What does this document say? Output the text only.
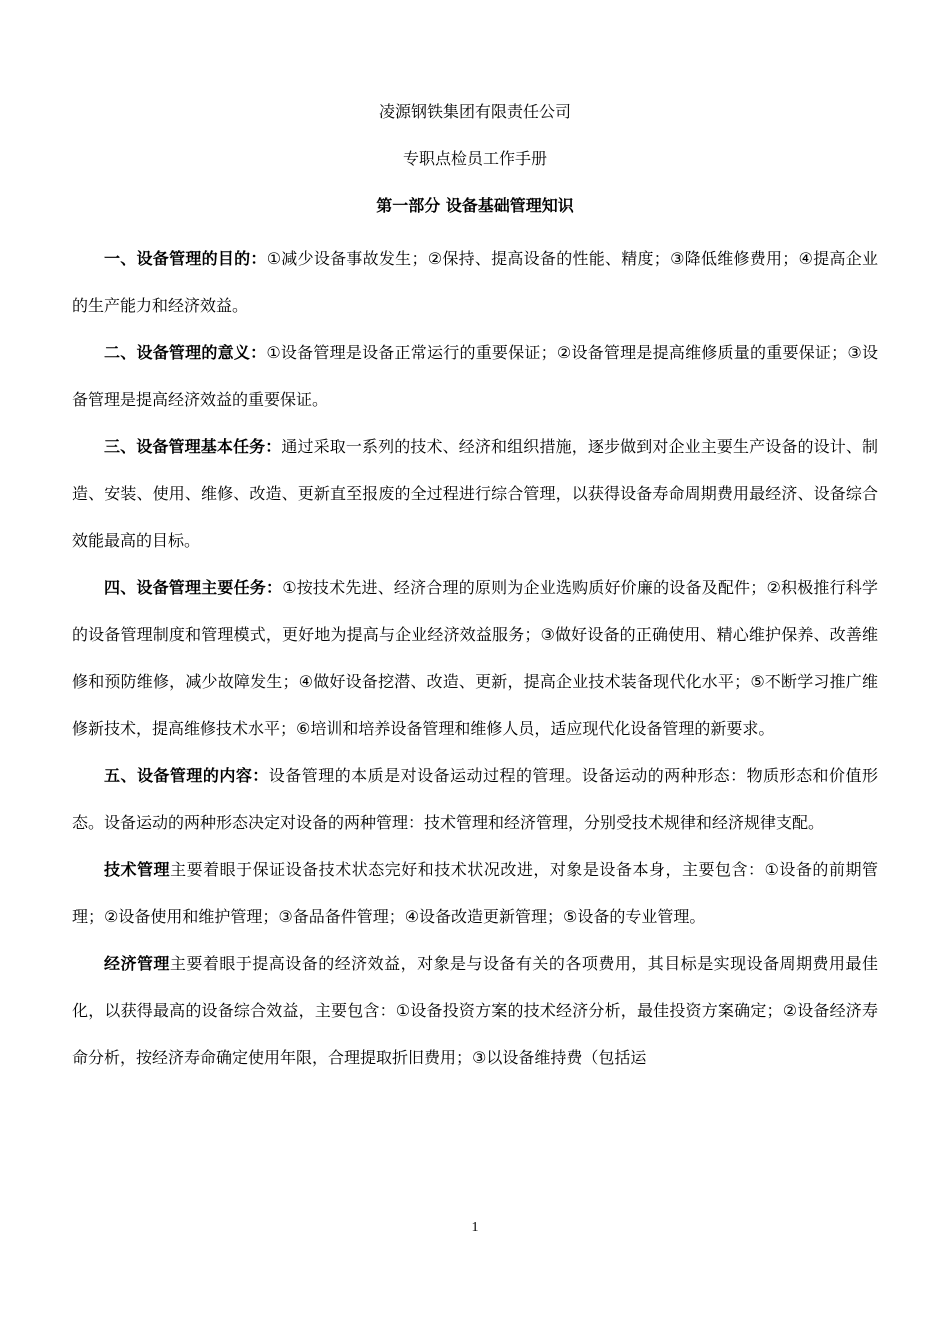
凌源钢铁集团有限责任公司
专职点检员工作手册
第一部分 设备基础管理知识

一、设备管理的目的：①减少设备事故发生；②保持、提高设备的性能、精度；③降低维修费用；④提高企业的生产能力和经济效益。

二、设备管理的意义：①设备管理是设备正常运行的重要保证；②设备管理是提高维修质量的重要保证；③设备管理是提高经济效益的重要保证。

三、设备管理基本任务：通过采取一系列的技术、经济和组织措施，逐步做到对企业主要生产设备的设计、制造、安装、使用、维修、改造、更新直至报废的全过程进行综合管理，以获得设备寿命周期费用最经济、设备综合效能最高的目标。

四、设备管理主要任务：①按技术先进、经济合理的原则为企业选购质好价廉的设备及配件；②积极推行科学的设备管理制度和管理模式，更好地为提高与企业经济效益服务；③做好设备的正确使用、精心维护保养、改善维修和预防维修，减少故障发生；④做好设备挖潜、改造、更新，提高企业技术装备现代化水平；⑤不断学习推广维修新技术，提高维修技术水平；⑥培训和培养设备管理和维修人员，适应现代化设备管理的新要求。

五、设备管理的内容：设备管理的本质是对设备运动过程的管理。设备运动的两种形态：物质形态和价值形态。设备运动的两种形态决定对设备的两种管理：技术管理和经济管理，分别受技术规律和经济规律支配。

技术管理主要着眼于保证设备技术状态完好和技术状况改进，对象是设备本身，主要包含：①设备的前期管理；②设备使用和维护管理；③备品备件管理；④设备改造更新管理；⑤设备的专业管理。

经济管理主要着眼于提高设备的经济效益，对象是与设备有关的各项费用，其目标是实现设备周期费用最佳化，以获得最高的设备综合效益，主要包含：①设备投资方案的技术经济分析，最佳投资方案确定；②设备经济寿命分析，按经济寿命确定使用年限，合理提取折旧费用；③以设备维持费（包括运

1
